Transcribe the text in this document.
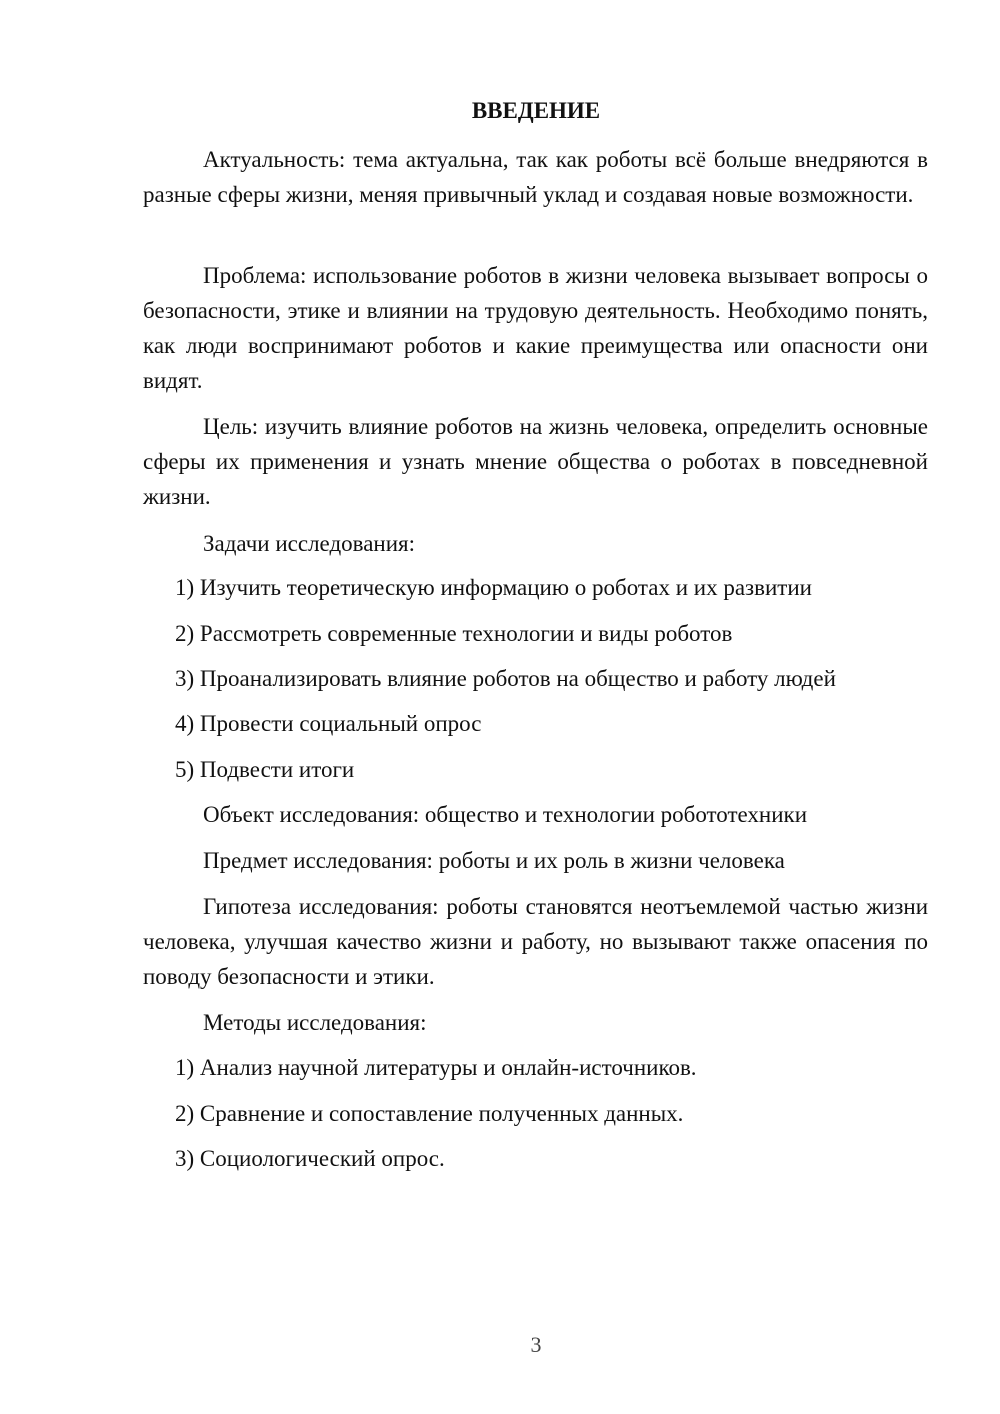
ВВЕДЕНИЕ

Актуальность: тема актуальна, так как роботы всё больше внедряются в разные сферы жизни, меняя привычный уклад и создавая новые возможности.

Проблема: использование роботов в жизни человека вызывает вопросы о безопасности, этике и влиянии на трудовую деятельность. Необходимо понять, как люди воспринимают роботов и какие преимущества или опасности они видят.

Цель: изучить влияние роботов на жизнь человека, определить основные сферы их применения и узнать мнение общества о роботах в повседневной жизни.

Задачи исследования:

1) Изучить теоретическую информацию о роботах и их развитии

2) Рассмотреть современные технологии и виды роботов

3) Проанализировать влияние роботов на общество и работу людей

4) Провести социальный опрос

5) Подвести итоги

Объект исследования: общество и технологии робототехники

Предмет исследования: роботы и их роль в жизни человека

Гипотеза исследования: роботы становятся неотъемлемой частью жизни человека, улучшая качество жизни и работу, но вызывают также опасения по поводу безопасности и этики.

Методы исследования:

1) Анализ научной литературы и онлайн-источников.

2) Сравнение и сопоставление полученных данных.

3) Социологический опрос.

3
